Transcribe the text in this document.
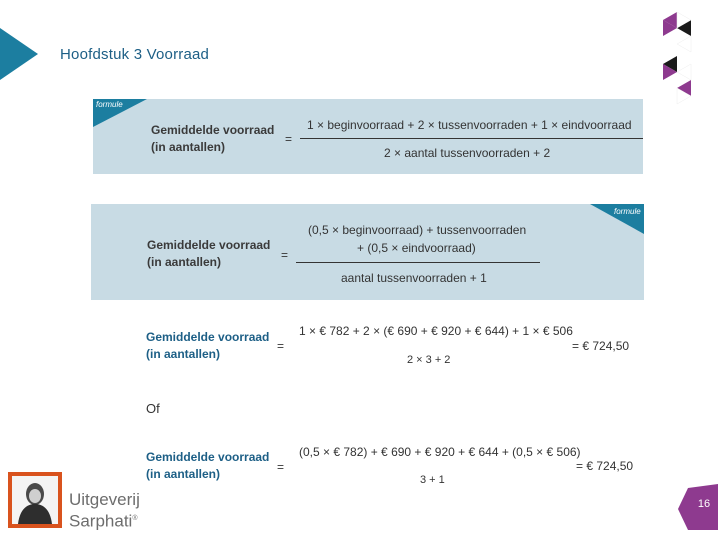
Hoofdstuk 3 Voorraad
formule
Gemiddelde voorraad
(in aantallen)
=
1 × beginvoorraad + 2 × tussenvoorraden + 1 × eindvoorraad
2 × aantal tussenvoorraden + 2
formule
Gemiddelde voorraad
(in aantallen)	=
(0,5 × beginvoorraad) + tussenvoorraden
+ (0,5 × eindvoorraad)
aantal tussenvoorraden + 1
Gemiddelde voorraad
(in aantallen)
=
1 × € 782 + 2 × (€ 690 + € 920 + € 644) + 1 × € 506
2 × 3 + 2
= € 724,50
Of
Gemiddelde voorraad
(in aantallen)	=
(0,5 × € 782) + € 690 + € 920 + € 644 + (0,5 × € 506)
3 + 1
= € 724,50
Uitgeverij
Sarphati®
16
